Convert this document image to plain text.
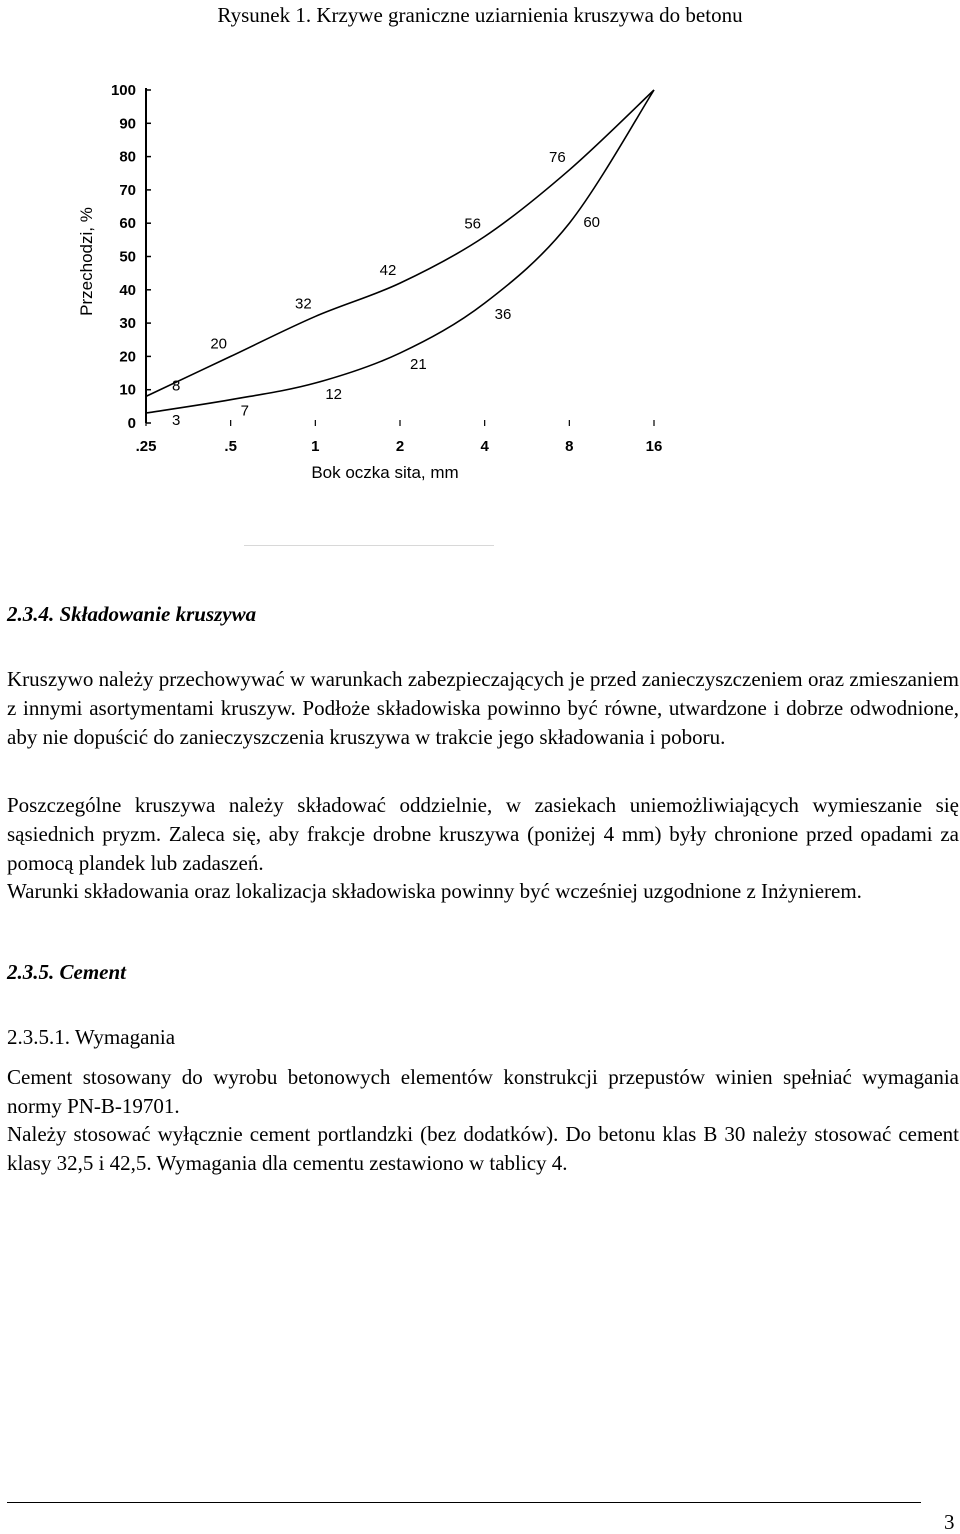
Rysunek 1. Krzywe graniczne uziarnienia kruszywa do betonu
0
10
20
30
40
50
60
70
80
90
100
.25	.5	1	2	4	8	16
Przechodzi, %
Bok oczka sita, mm
8
20
32
42
56
76
3
7
12
21
36
60
2.3.4. Składowanie kruszywa
Kruszywo należy przechowywać w warunkach zabezpieczających je przed zanieczyszczeniem oraz zmieszaniem z innymi asortymentami kruszyw. Podłoże składowiska powinno być równe, utwardzone i dobrze odwodnione, aby nie dopuścić do zanieczyszczenia kruszywa w trakcie jego składowania i poboru.
Poszczególne kruszywa należy składować oddzielnie, w zasiekach uniemożliwiających wymieszanie się sąsiednich pryzm. Zaleca się, aby frakcje drobne kruszywa (poniżej 4 mm) były chronione przed opadami za pomocą plandek lub zadaszeń.
Warunki składowania oraz lokalizacja składowiska powinny być wcześniej uzgodnione z Inżynierem.
2.3.5. Cement
2.3.5.1. Wymagania
Cement stosowany do wyrobu betonowych elementów konstrukcji przepustów winien spełniać wymagania normy PN-B-19701.
Należy stosować wyłącznie cement portlandzki (bez dodatków). Do betonu klas B 30 należy stosować cement klasy 32,5 i 42,5. Wymagania dla cementu zestawiono w tablicy 4.
3
